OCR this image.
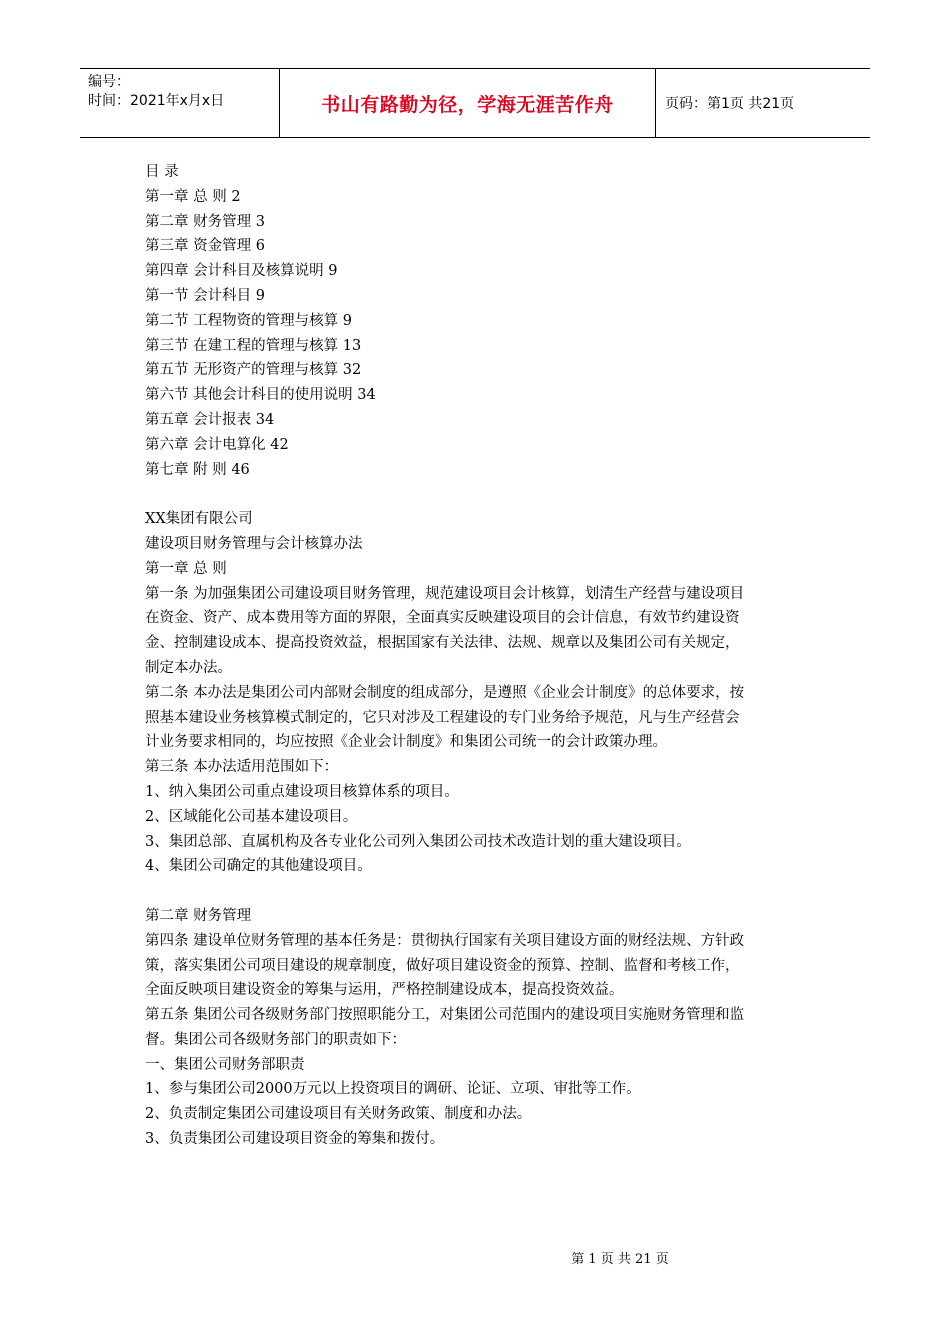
编号：
时间：2021年x月x日	书山有路勤为径，学海无涯苦作舟	页码：第1页 共21页
目 录
第一章 总 则 2
第二章 财务管理 3
第三章 资金管理 6
第四章 会计科目及核算说明 9
第一节 会计科目 9
第二节 工程物资的管理与核算 9
第三节 在建工程的管理与核算 13
第五节 无形资产的管理与核算 32
第六节 其他会计科目的使用说明 34
第五章 会计报表 34
第六章 会计电算化 42
第七章 附 则 46
XX集团有限公司
建设项目财务管理与会计核算办法
第一章 总 则
第一条 为加强集团公司建设项目财务管理，规范建设项目会计核算，划清生产经营与建设项目在资金、资产、成本费用等方面的界限，全面真实反映建设项目的会计信息，有效节约建设资金、控制建设成本、提高投资效益，根据国家有关法律、法规、规章以及集团公司有关规定，制定本办法。
第二条 本办法是集团公司内部财会制度的组成部分，是遵照《企业会计制度》的总体要求，按照基本建设业务核算模式制定的，它只对涉及工程建设的专门业务给予规范，凡与生产经营会计业务要求相同的，均应按照《企业会计制度》和集团公司统一的会计政策办理。
第三条 本办法适用范围如下：
1、纳入集团公司重点建设项目核算体系的项目。
2、区域能化公司基本建设项目。
3、集团总部、直属机构及各专业化公司列入集团公司技术改造计划的重大建设项目。
4、集团公司确定的其他建设项目。
第二章 财务管理
第四条 建设单位财务管理的基本任务是：贯彻执行国家有关项目建设方面的财经法规、方针政策，落实集团公司项目建设的规章制度，做好项目建设资金的预算、控制、监督和考核工作，全面反映项目建设资金的筹集与运用，严格控制建设成本，提高投资效益。
第五条 集团公司各级财务部门按照职能分工，对集团公司范围内的建设项目实施财务管理和监督。集团公司各级财务部门的职责如下：
一、集团公司财务部职责
1、参与集团公司2000万元以上投资项目的调研、论证、立项、审批等工作。
2、负责制定集团公司建设项目有关财务政策、制度和办法。
3、负责集团公司建设项目资金的筹集和拨付。
第 1 页 共 21 页
